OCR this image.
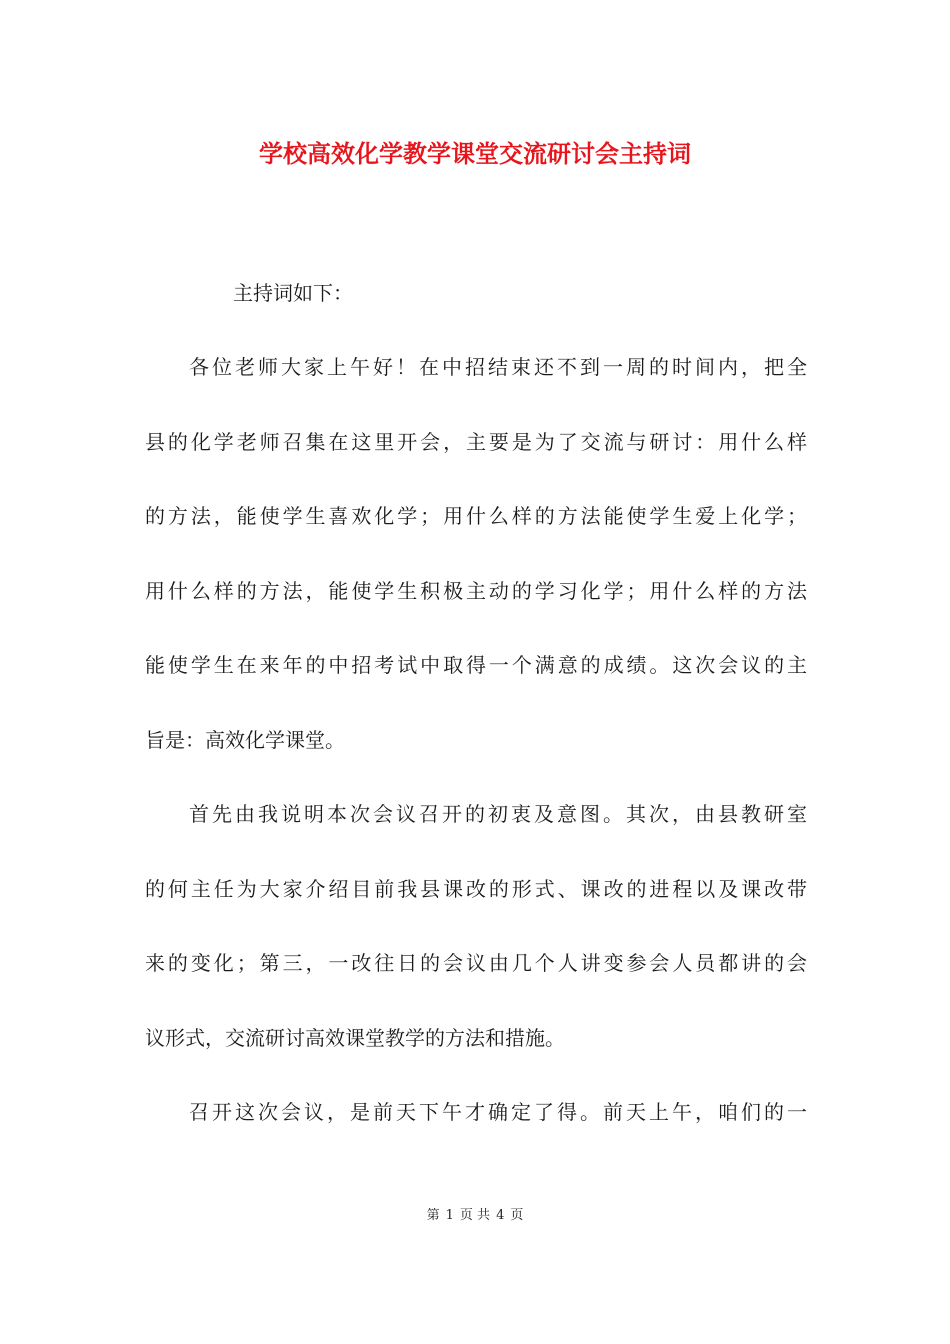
学校高效化学教学课堂交流研讨会主持词
主持词如下：
各位老师大家上午好！在中招结束还不到一周的时间内，把全
县的化学老师召集在这里开会，主要是为了交流与研讨：用什么样
的方法，能使学生喜欢化学；用什么样的方法能使学生爱上化学；
用什么样的方法，能使学生积极主动的学习化学；用什么样的方法
能使学生在来年的中招考试中取得一个满意的成绩。这次会议的主
旨是：高效化学课堂。
首先由我说明本次会议召开的初衷及意图。其次，由县教研室
的何主任为大家介绍目前我县课改的形式、课改的进程以及课改带
来的变化；第三，一改往日的会议由几个人讲变参会人员都讲的会
议形式，交流研讨高效课堂教学的方法和措施。
召开这次会议，是前天下午才确定了得。前天上午，咱们的一
第 1 页 共 4 页
